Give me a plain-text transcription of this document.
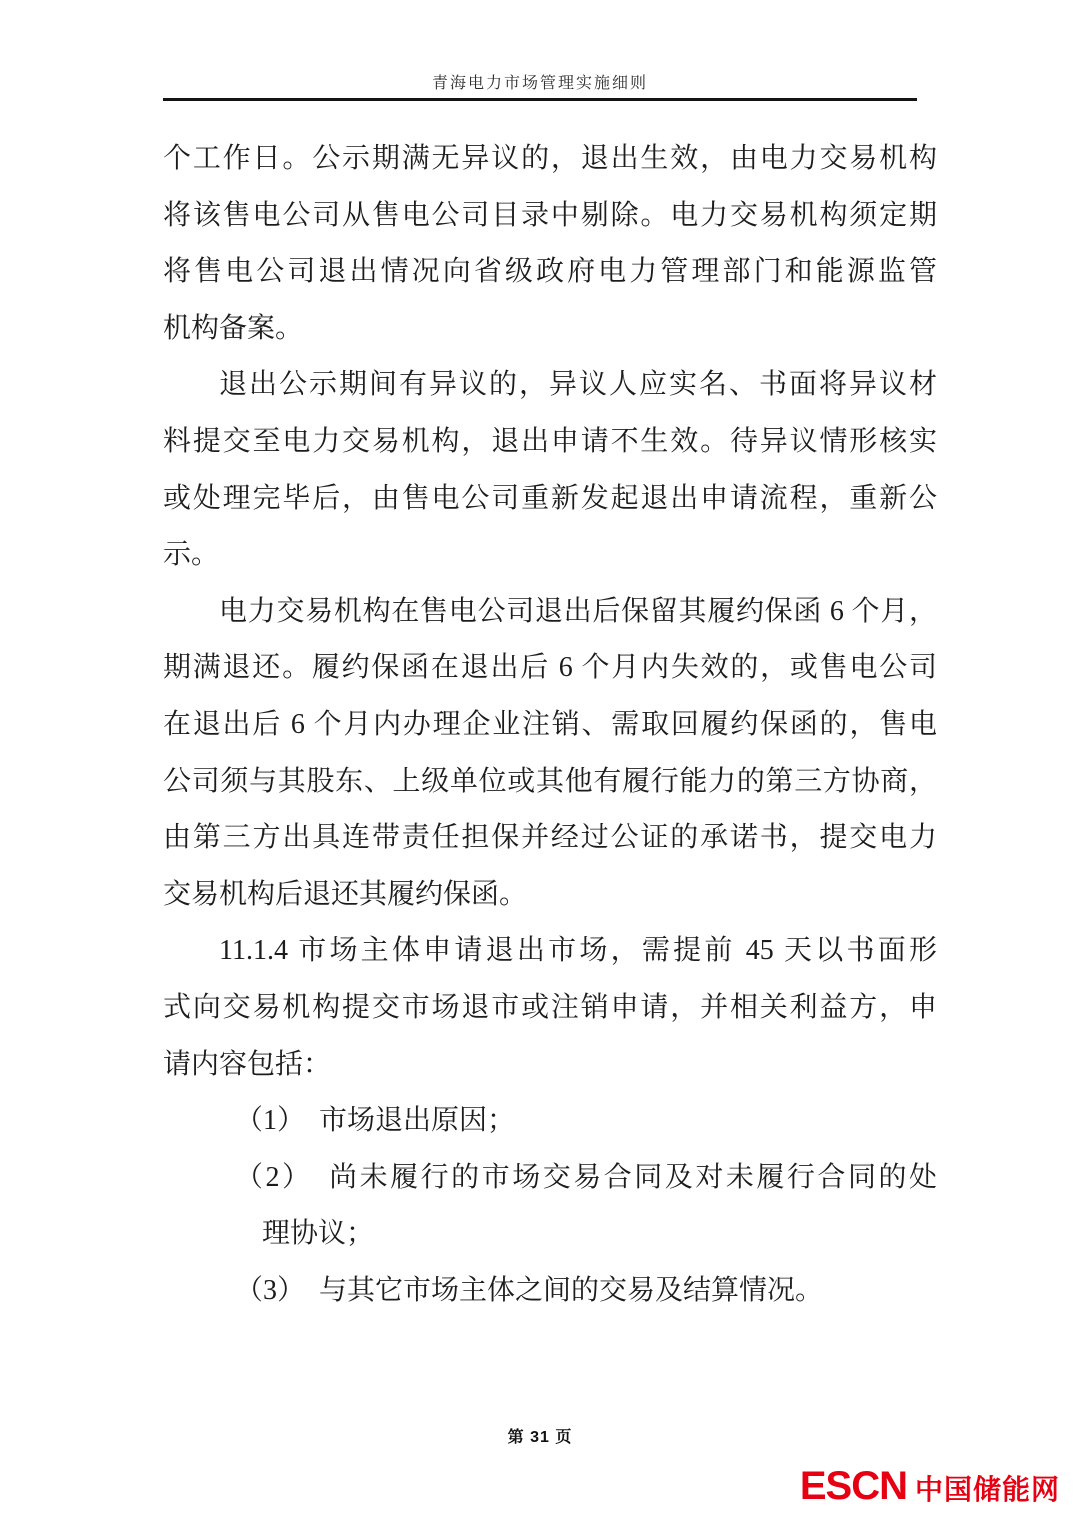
青海电力市场管理实施细则
个工作日。公示期满无异议的，退出生效，由电力交易机构
将该售电公司从售电公司目录中剔除。电力交易机构须定期
将售电公司退出情况向省级政府电力管理部门和能源监管
机构备案。
退出公示期间有异议的，异议人应实名、书面将异议材
料提交至电力交易机构，退出申请不生效。待异议情形核实
或处理完毕后，由售电公司重新发起退出申请流程，重新公
示。
电力交易机构在售电公司退出后保留其履约保函 6 个月，
期满退还。履约保函在退出后 6 个月内失效的，或售电公司
在退出后 6 个月内办理企业注销、需取回履约保函的，售电
公司须与其股东、上级单位或其他有履行能力的第三方协商，
由第三方出具连带责任担保并经过公证的承诺书，提交电力
交易机构后退还其履约保函。
11.1.4 市场主体申请退出市场，需提前 45 天以书面形
式向交易机构提交市场退市或注销申请，并相关利益方，申
请内容包括：
（1）　市场退出原因；
（2）　尚未履行的市场交易合同及对未履行合同的处
理协议；
（3）　与其它市场主体之间的交易及结算情况。
第 31 页
ESCN 中国储能网
